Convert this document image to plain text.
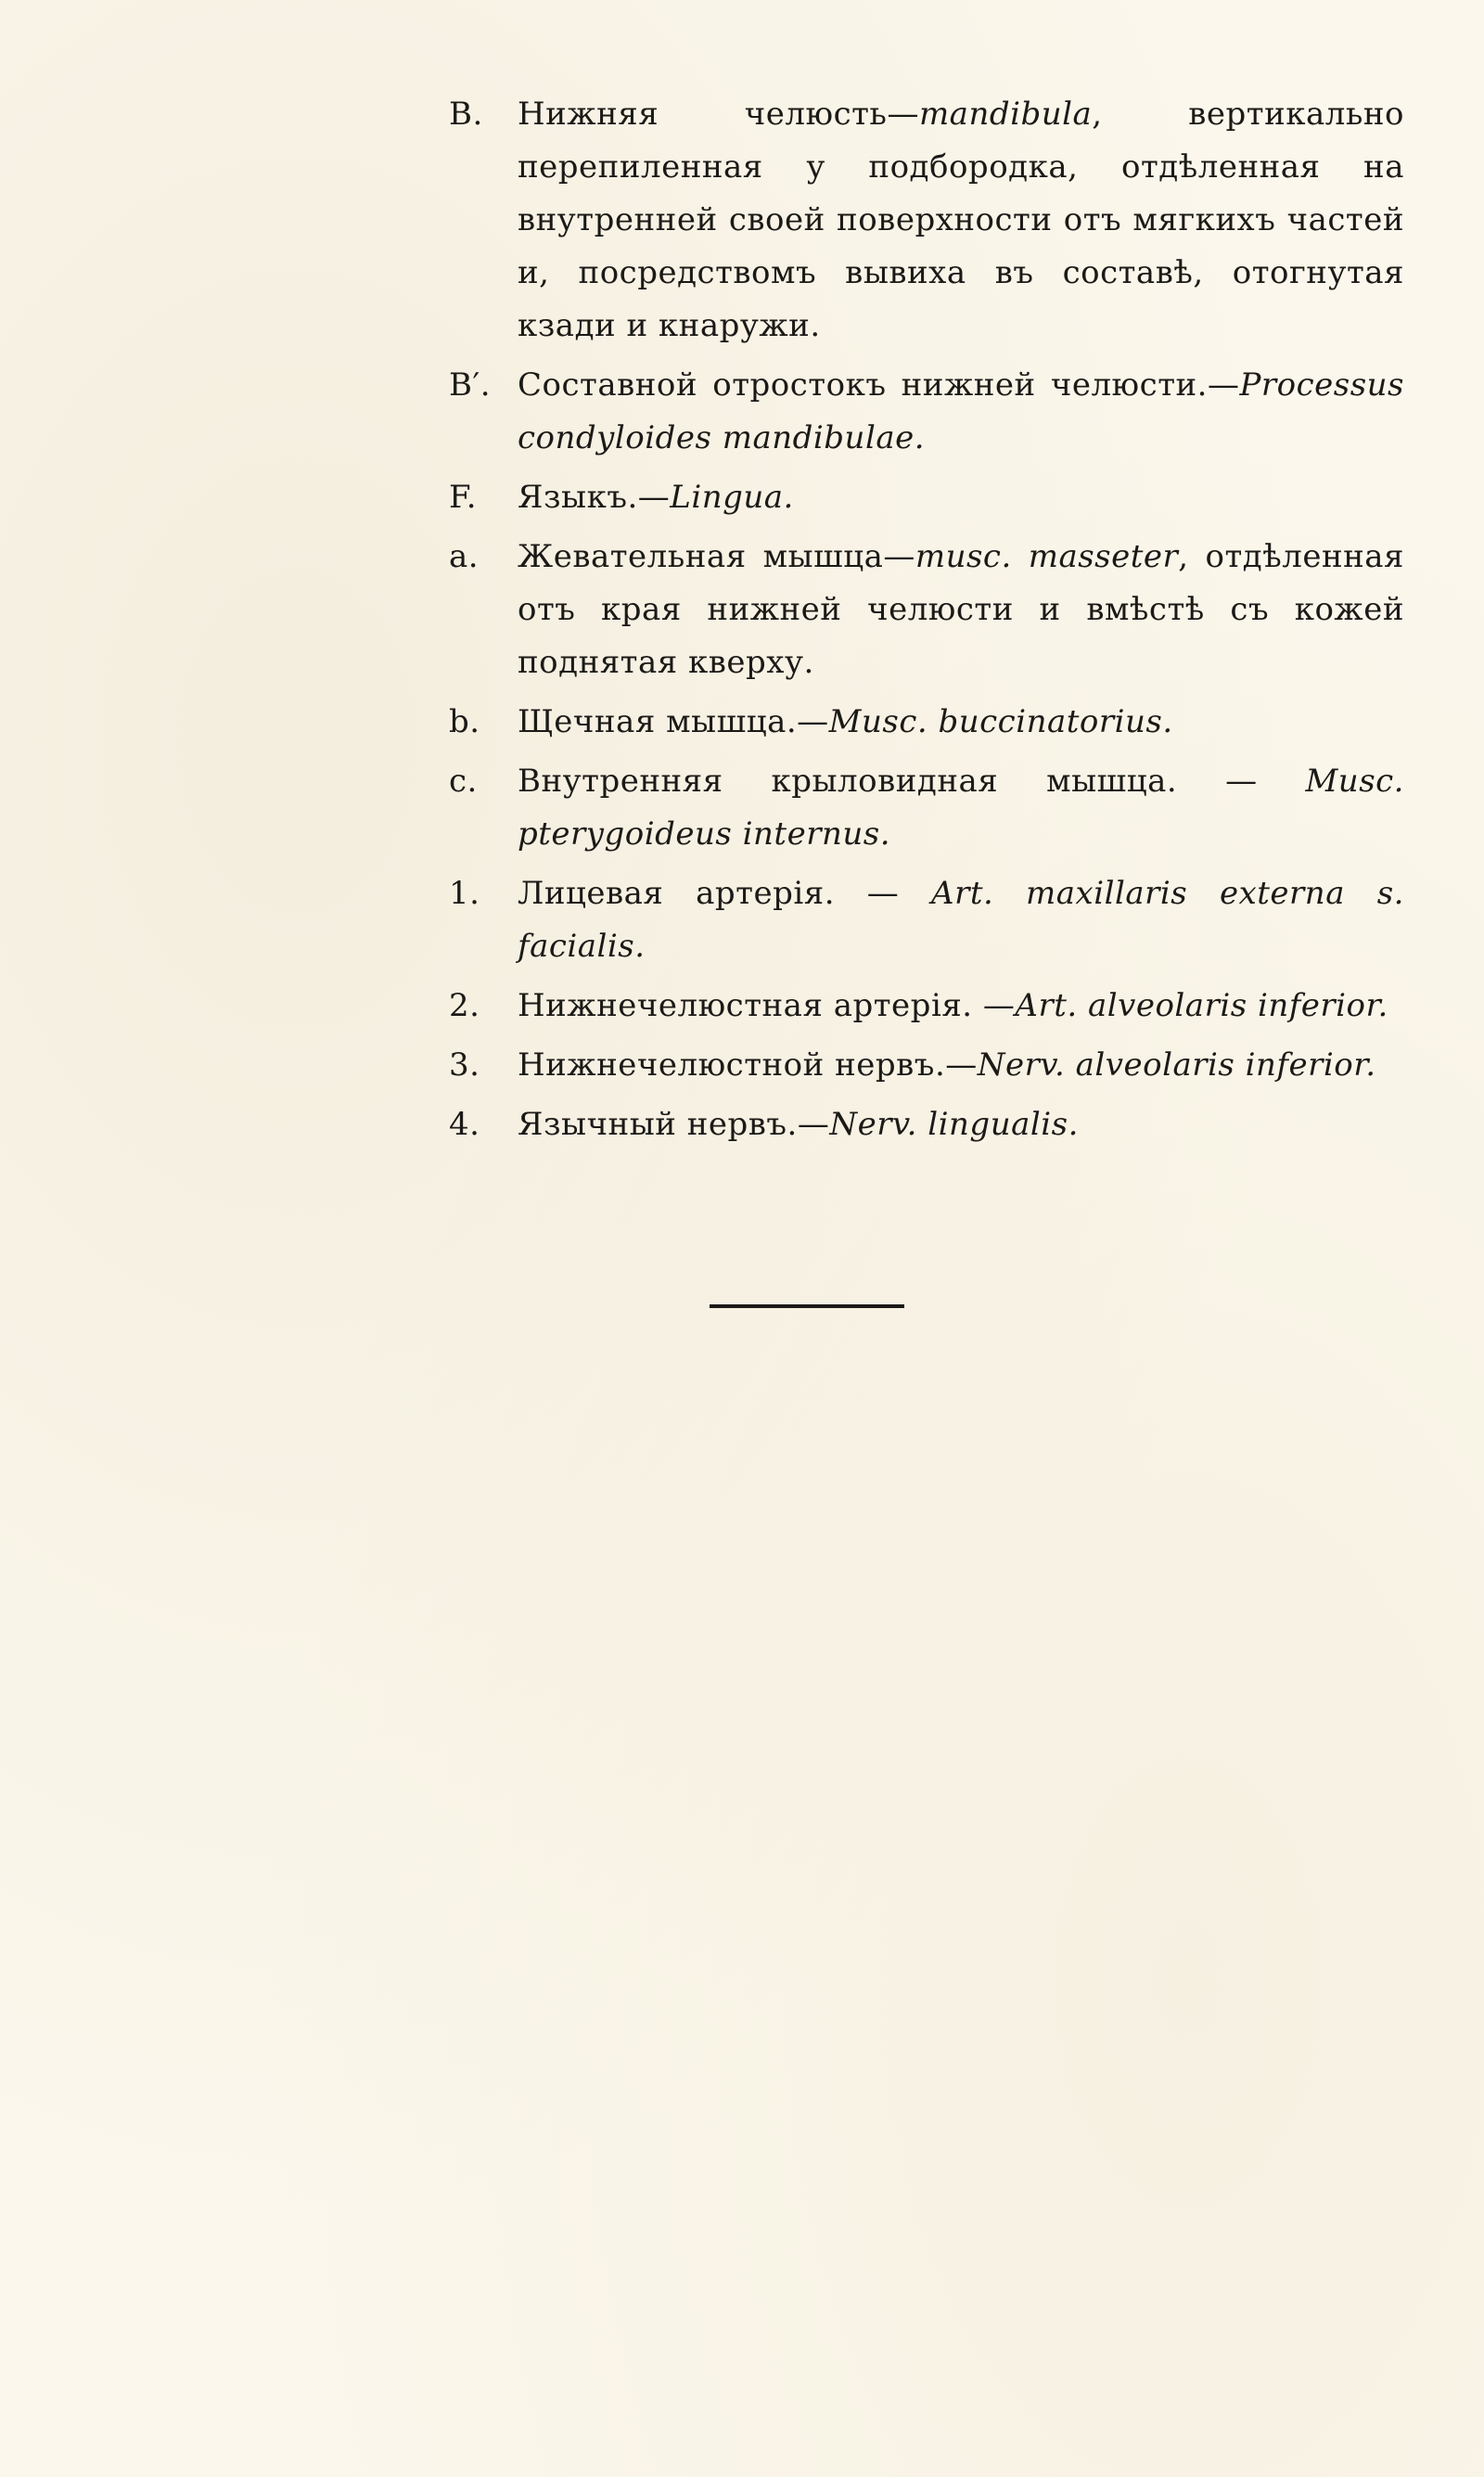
B.	Нижняя челюсть—mandibula, вертикально перепиленная у подбородка, отдѣленная на внутренней своей поверхности отъ мягкихъ частей и, посредствомъ вывиха въ составѣ, отогнутая кзади и кнаружи.
B′. Составной отростокъ нижней челюсти.—Processus condyloides mandibulae.
F.	Языкъ.—Lingua.
a.	Жевательная мышца—musc. masseter, отдѣленная отъ края нижней челюсти и вмѣстѣ съ кожей поднятая кверху.
b.	Щечная мышца.—Musc. buccinatorius.
c.	Внутренняя крыловидная мышца. — Musc. pterygoideus internus.
1.	Лицевая артерія. — Art. maxillaris externa s. facialis.
2.	Нижнечелюстная артерія. —Art. alveolaris inferior.
3.	Нижнечелюстной нервъ.—Nerv. alveolaris inferior.
4.	Язычный нервъ.—Nerv. lingualis.
